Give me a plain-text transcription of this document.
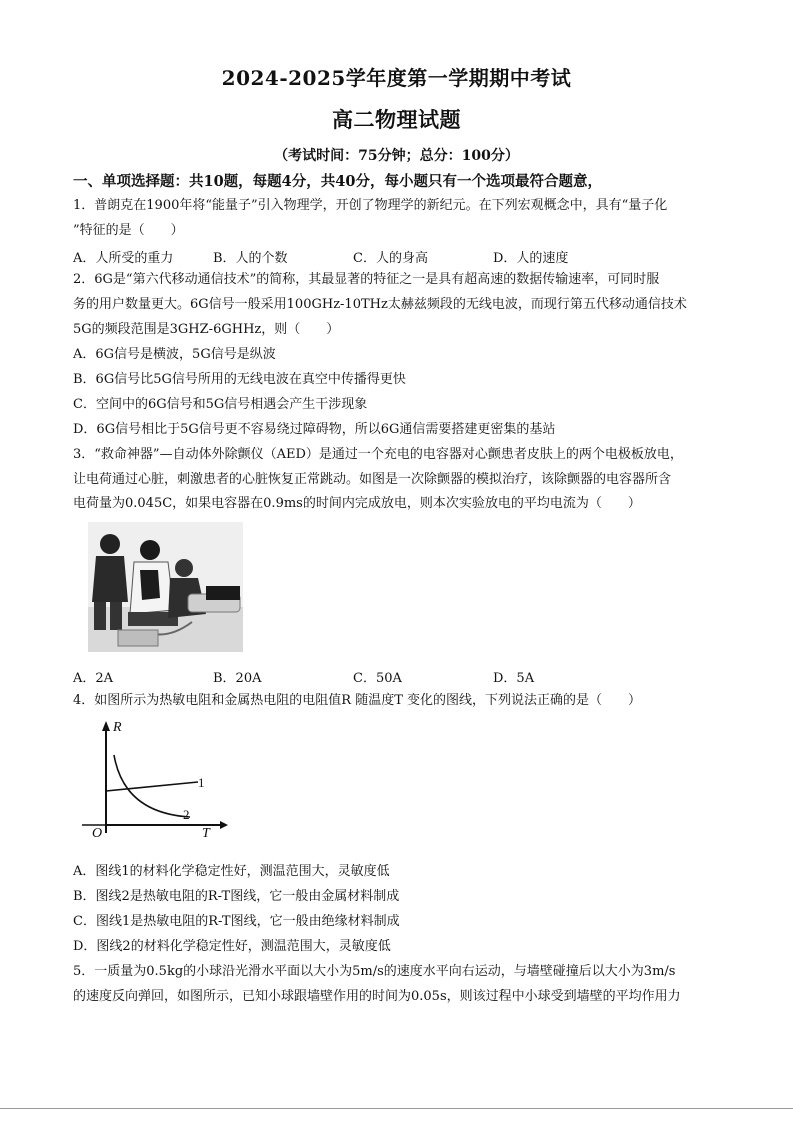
2024-2025学年度第一学期期中考试
高二物理试题
（考试时间：75分钟；总分：100分）
一、单项选择题：共10题，每题4分，共40分，每小题只有一个选项最符合题意，
1．普朗克在1900年将“能量子”引入物理学，开创了物理学的新纪元。在下列宏观概念中，具有“量子化
”特征的是（　　）
A．人所受的重力	B．人的个数	C．人的身高	D．人的速度
2．6G是“第六代移动通信技术”的简称，其最显著的特征之一是具有超高速的数据传输速率，可同时服
务的用户数量更大。6G信号一般采用100GHz-10THz太赫兹频段的无线电波，而现行第五代移动通信技术
5G的频段范围是3GHZ-6GHHz，则（　　）
A．6G信号是横波，5G信号是纵波
B．6G信号比5G信号所用的无线电波在真空中传播得更快
C．空间中的6G信号和5G信号相遇会产生干涉现象
D．6G信号相比于5G信号更不容易绕过障碍物，所以6G通信需要搭建更密集的基站
3．“救命神器”—自动体外除颤仪（AED）是通过一个充电的电容器对心颤患者皮肤上的两个电极板放电，
让电荷通过心脏，刺激患者的心脏恢复正常跳动。如图是一次除颤器的模拟治疗，该除颤器的电容器所含
电荷量为0.045C，如果电容器在0.9ms的时间内完成放电，则本次实验放电的平均电流为（　　）
A．2A	B．20A	C．50A	D．5A
4．如图所示为热敏电阻和金属热电阻的电阻值R 随温度T 变化的图线，下列说法正确的是（　　）
R
T
O
1
2
A．图线1的材料化学稳定性好，测温范围大，灵敏度低
B．图线2是热敏电阻的R-T图线，它一般由金属材料制成
C．图线1是热敏电阻的R-T图线，它一般由绝缘材料制成
D．图线2的材料化学稳定性好，测温范围大，灵敏度低
5．一质量为0.5kg的小球沿光滑水平面以大小为5m/s的速度水平向右运动，与墙壁碰撞后以大小为3m/s
的速度反向弹回，如图所示，已知小球跟墙壁作用的时间为0.05s，则该过程中小球受到墙壁的平均作用力
